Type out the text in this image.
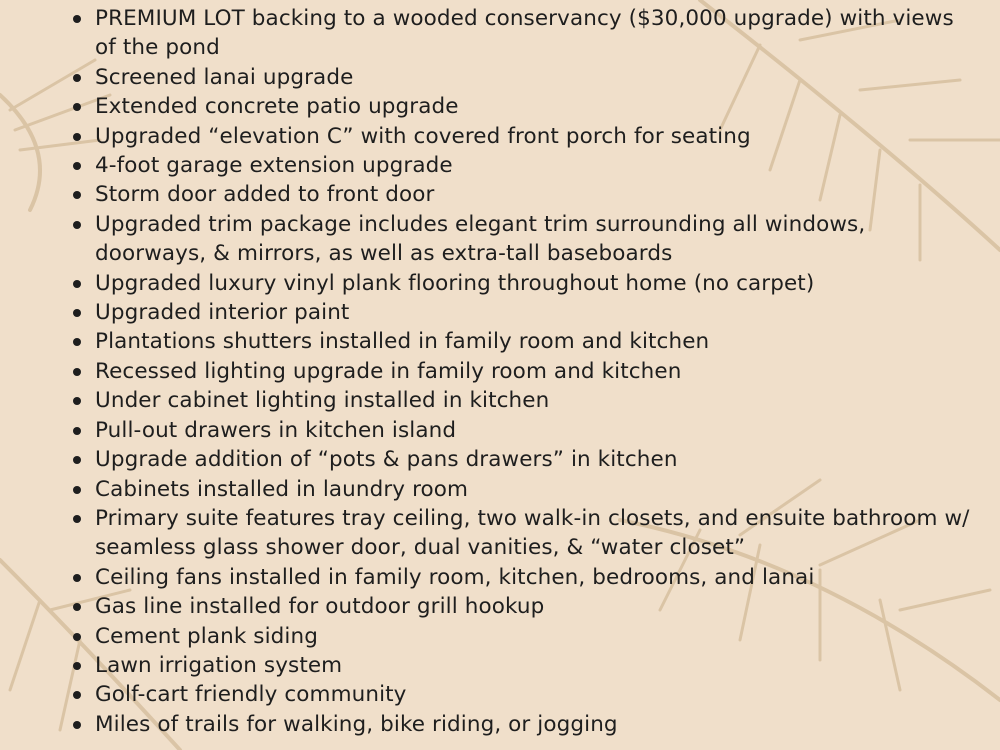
PREMIUM LOT backing to a wooded conservancy ($30,000 upgrade) with views of the pond
Screened lanai upgrade
Extended concrete patio upgrade
Upgraded “elevation C” with covered front porch for seating
4-foot garage extension upgrade
Storm door added to front door
Upgraded trim package includes elegant trim surrounding all windows, doorways, & mirrors, as well as extra-tall baseboards
Upgraded luxury vinyl plank flooring throughout home (no carpet)
Upgraded interior paint
Plantations shutters installed in family room and kitchen
Recessed lighting upgrade in family room and kitchen
Under cabinet lighting installed in kitchen
Pull-out drawers in kitchen island
Upgrade addition of “pots & pans drawers” in kitchen
Cabinets installed in laundry room
Primary suite features tray ceiling, two walk-in closets, and ensuite bathroom w/ seamless glass shower door, dual vanities, & “water closet”
Ceiling fans installed in family room, kitchen, bedrooms, and lanai
Gas line installed for outdoor grill hookup
Cement plank siding
Lawn irrigation system
Golf-cart friendly community
Miles of trails for walking, bike riding, or jogging
